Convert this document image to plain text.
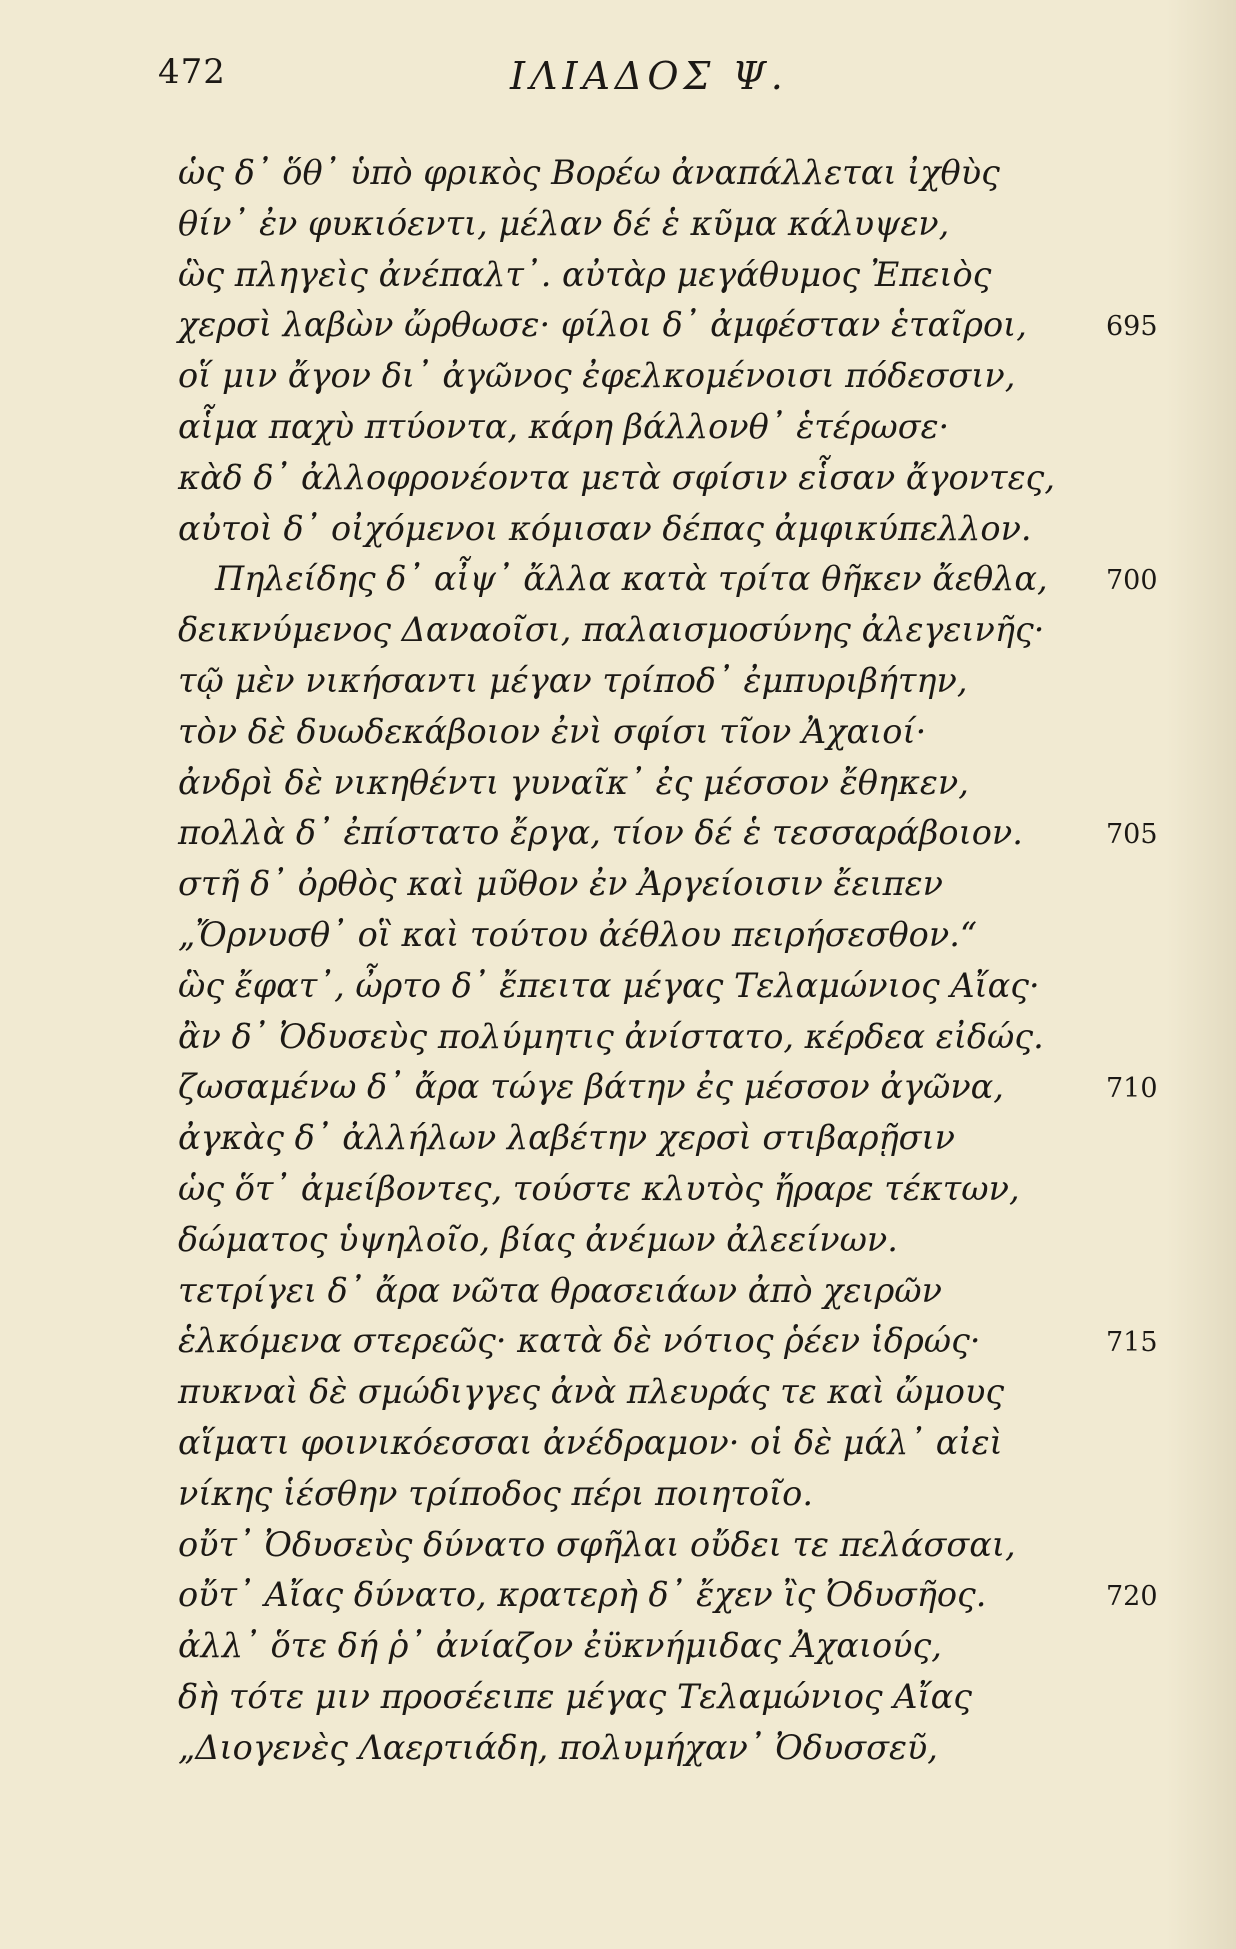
472	ΙΛΙΑΔΟΣ Ψ.
ὡς δ᾽ ὅθ᾽ ὑπὸ φρικὸς Βορέω ἀναπάλλεται ἰχθὺς
θίν᾽ ἐν φυκιόεντι, μέλαν δέ ἑ κῦμα κάλυψεν,
ὣς πληγεὶς ἀνέπαλτ᾽. αὐτὰρ μεγάθυμος Ἐπειὸς
χερσὶ λαβὼν ὤρθωσε· φίλοι δ᾽ ἀμφέσταν ἑταῖροι,	695
οἵ μιν ἄγον δι᾽ ἀγῶνος ἐφελκομένοισι πόδεσσιν,
αἷμα παχὺ πτύοντα, κάρη βάλλονθ᾽ ἑτέρωσε·
κὰδ δ᾽ ἀλλοφρονέοντα μετὰ σφίσιν εἷσαν ἄγοντες,
αὐτοὶ δ᾽ οἰχόμενοι κόμισαν δέπας ἀμφικύπελλον.
Πηλείδης δ᾽ αἶψ᾽ ἄλλα κατὰ τρίτα θῆκεν ἄεθλα, 700
δεικνύμενος Δαναοῖσι, παλαισμοσύνης ἀλεγεινῆς·
τῷ μὲν νικήσαντι μέγαν τρίποδ᾽ ἐμπυριβήτην,
τὸν δὲ δυωδεκάβοιον ἐνὶ σφίσι τῖον Ἀχαιοί·
ἀνδρὶ δὲ νικηθέντι γυναῖκ᾽ ἐς μέσσον ἔθηκεν,
πολλὰ δ᾽ ἐπίστατο ἔργα, τίον δέ ἑ τεσσαράβοιον.	705
στῆ δ᾽ ὀρθὸς καὶ μῦθον ἐν Ἀργείοισιν ἔειπεν
„Ὄρνυσθ᾽ οἳ καὶ τούτου ἀέθλου πειρήσεσθον.“
ὣς ἔφατ᾽, ὦρτο δ᾽ ἔπειτα μέγας Τελαμώνιος Αἴας·
ἂν δ᾽ Ὀδυσεὺς πολύμητις ἀνίστατο, κέρδεα εἰδώς.
ζωσαμένω δ᾽ ἄρα τώγε βάτην ἐς μέσσον ἀγῶνα,	710
ἀγκὰς δ᾽ ἀλλήλων λαβέτην χερσὶ στιβαρῇσιν
ὡς ὅτ᾽ ἀμείβοντες, τούστε κλυτὸς ἤραρε τέκτων,
δώματος ὑψηλοῖο, βίας ἀνέμων ἀλεείνων.
τετρίγει δ᾽ ἄρα νῶτα θρασειάων ἀπὸ χειρῶν
ἑλκόμενα στερεῶς· κατὰ δὲ νότιος ῥέεν ἱδρώς·	715
πυκναὶ δὲ σμώδιγγες ἀνὰ πλευράς τε καὶ ὤμους
αἵματι φοινικόεσσαι ἀνέδραμον· οἱ δὲ μάλ᾽ αἰεὶ
νίκης ἱέσθην τρίποδος πέρι ποιητοῖο.
οὔτ᾽ Ὀδυσεὺς δύνατο σφῆλαι οὔδει τε πελάσσαι,
οὔτ᾽ Αἴας δύνατο, κρατερὴ δ᾽ ἔχεν ἲς Ὀδυσῆος.	720
ἀλλ᾽ ὅτε δή ῥ᾽ ἀνίαζον ἐϋκνήμιδας Ἀχαιούς,
δὴ τότε μιν προσέειπε μέγας Τελαμώνιος Αἴας
„Διογενὲς Λαερτιάδη, πολυμήχαν᾽ Ὀδυσσεῦ,
